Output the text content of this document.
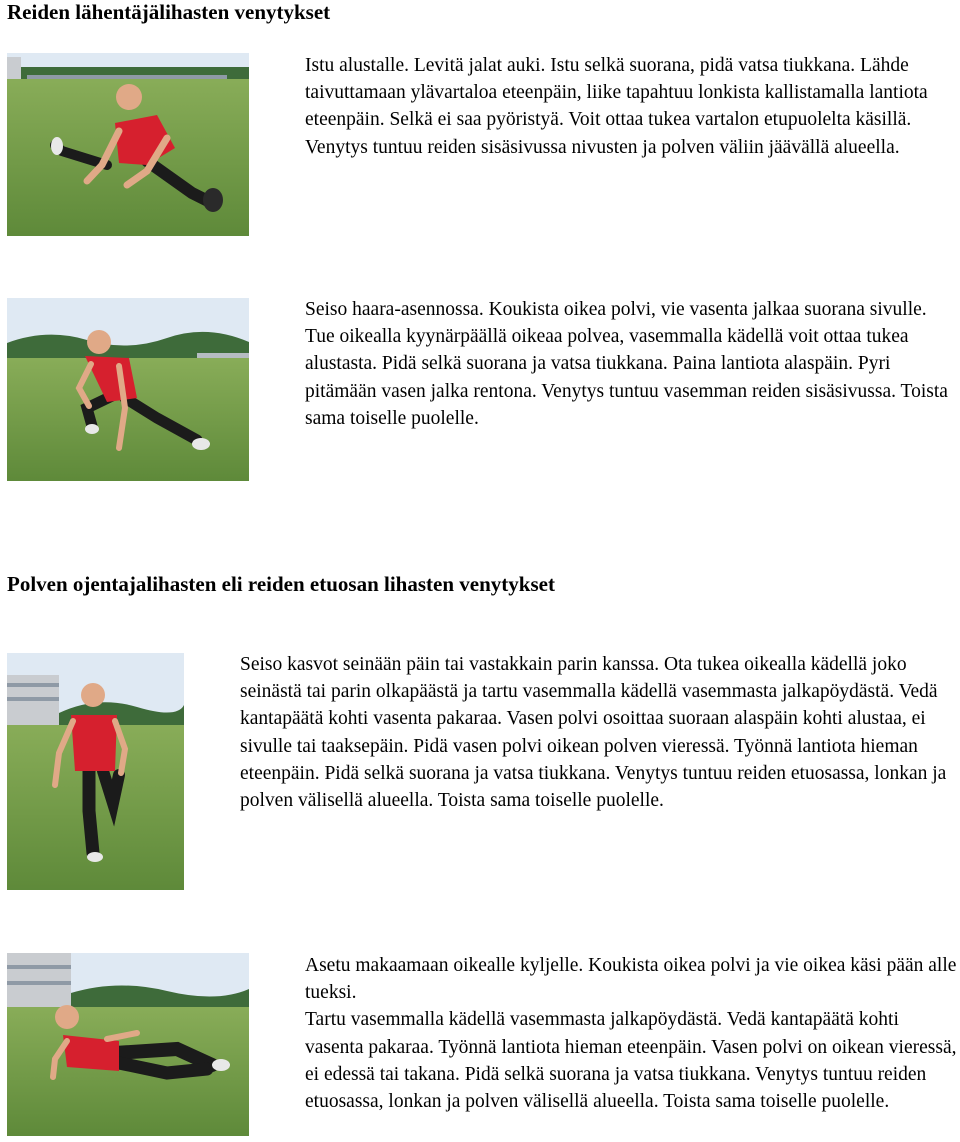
Reiden lähentäjälihasten venytykset

Istu alustalle. Levitä jalat auki. Istu selkä suorana, pidä vatsa tiukkana. Lähde taivuttamaan ylävartaloa eteenpäin, liike tapahtuu lonkista kallistamalla lantiota eteenpäin. Selkä ei saa pyöristyä. Voit ottaa tukea vartalon etupuolelta käsillä. Venytys tuntuu reiden sisäsivussa nivusten ja polven väliin jäävällä alueella.

Seiso haara-asennossa. Koukista oikea polvi, vie vasenta jalkaa suorana sivulle. Tue oikealla kyynärpäällä oikeaa polvea, vasemmalla kädellä voit ottaa tukea alustasta. Pidä selkä suorana ja vatsa tiukkana. Paina lantiota alaspäin. Pyri pitämään vasen jalka rentona. Venytys tuntuu vasemman reiden sisäsivussa. Toista sama toiselle puolelle.

Polven ojentajalihasten eli reiden etuosan lihasten venytykset

Seiso kasvot seinään päin tai vastakkain parin kanssa. Ota tukea oikealla kädellä joko seinästä tai parin olkapäästä ja tartu vasemmalla kädellä vasemmasta jalkapöydästä. Vedä kantapäätä kohti vasenta pakaraa. Vasen polvi osoittaa suoraan alaspäin kohti alustaa, ei sivulle tai taaksepäin. Pidä vasen polvi oikean polven vieressä. Työnnä lantiota hieman eteenpäin. Pidä selkä suorana ja vatsa tiukkana. Venytys tuntuu reiden etuosassa, lonkan ja polven välisellä alueella. Toista sama toiselle puolelle.

Asetu makaamaan oikealle kyljelle. Koukista oikea polvi ja vie oikea käsi pään alle tueksi.

Tartu vasemmalla kädellä vasemmasta jalkapöydästä. Vedä kantapäätä kohti vasenta pakaraa. Työnnä lantiota hieman eteenpäin. Vasen polvi on oikean vieressä, ei edessä tai takana. Pidä selkä suorana ja vatsa tiukkana. Venytys tuntuu reiden etuosassa, lonkan ja polven välisellä alueella. Toista sama toiselle puolelle.
